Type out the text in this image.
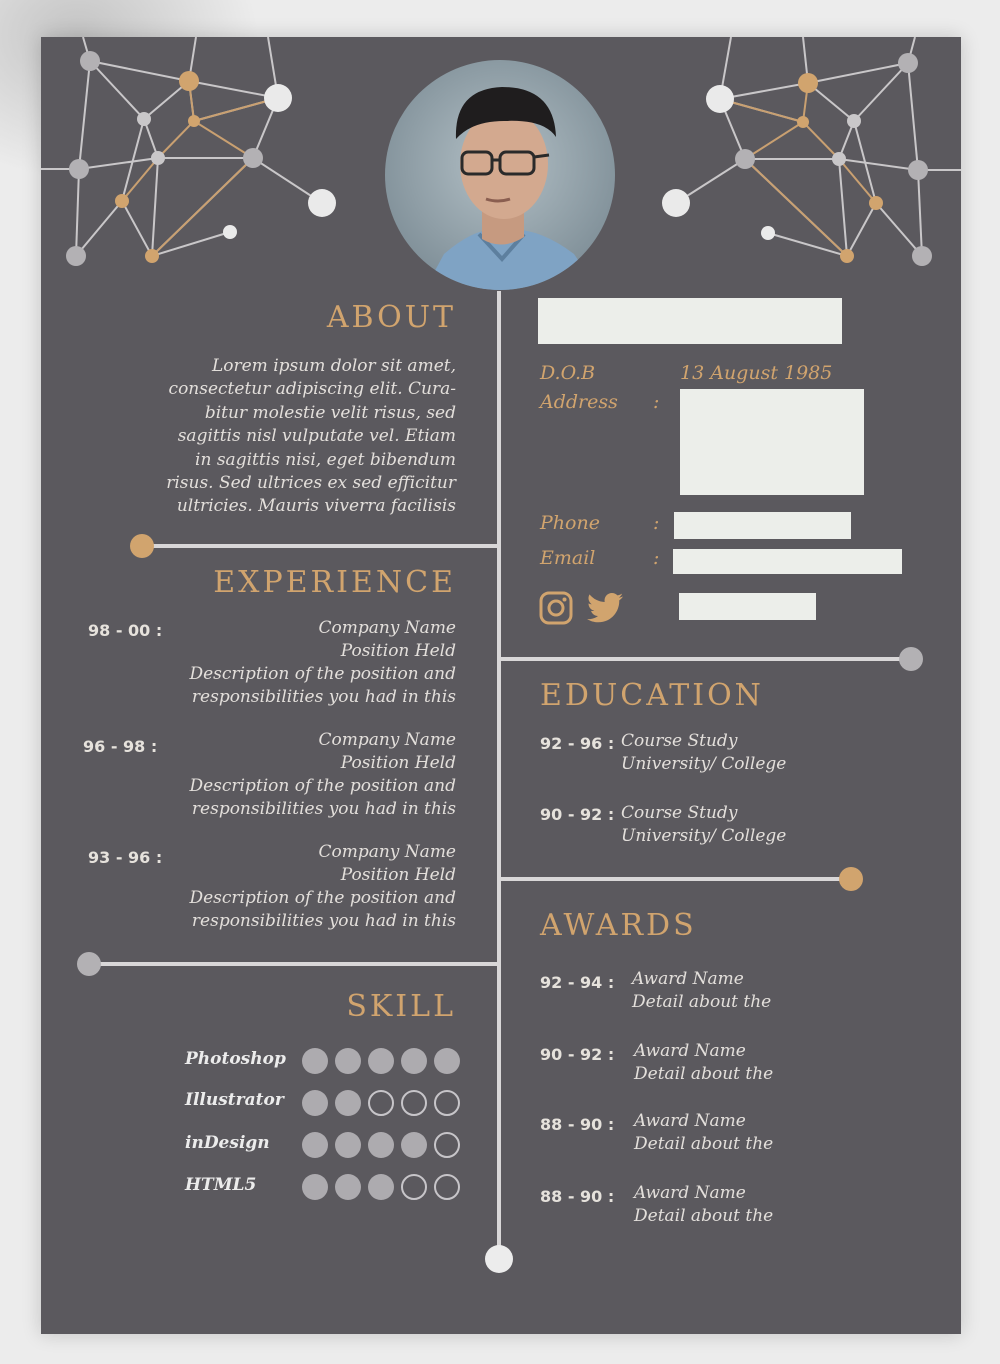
ABOUT
Lorem ipsum dolor sit amet,
consectetur adipiscing elit. Cura-
bitur molestie velit risus, sed
sagittis nisl vulputate vel. Etiam
in sagittis nisi, eget bibendum
risus. Sed ultrices ex sed efficitur
ultricies. Mauris viverra facilisis
EXPERIENCE
98 - 00 :	Company Name
Position Held
Description of the position and
responsibilities you had in this
96 - 98 :	Company Name
Position Held
Description of the position and
responsibilities you had in this
93 - 96 :	Company Name
Position Held
Description of the position and
responsibilities you had in this
SKILL
Photoshop
Illustrator
inDesign
HTML5
D.O.B	13 August 1985
Address :
Phone	:
Email	:
EDUCATION
92 - 96 : Course Study
University/ College
90 - 92 : Course Study
University/ College
AWARDS
92 - 94 : Award Name
Detail about the
90 - 92 : Award Name
Detail about the
88 - 90 : Award Name
Detail about the
88 - 90 : Award Name
Detail about the
